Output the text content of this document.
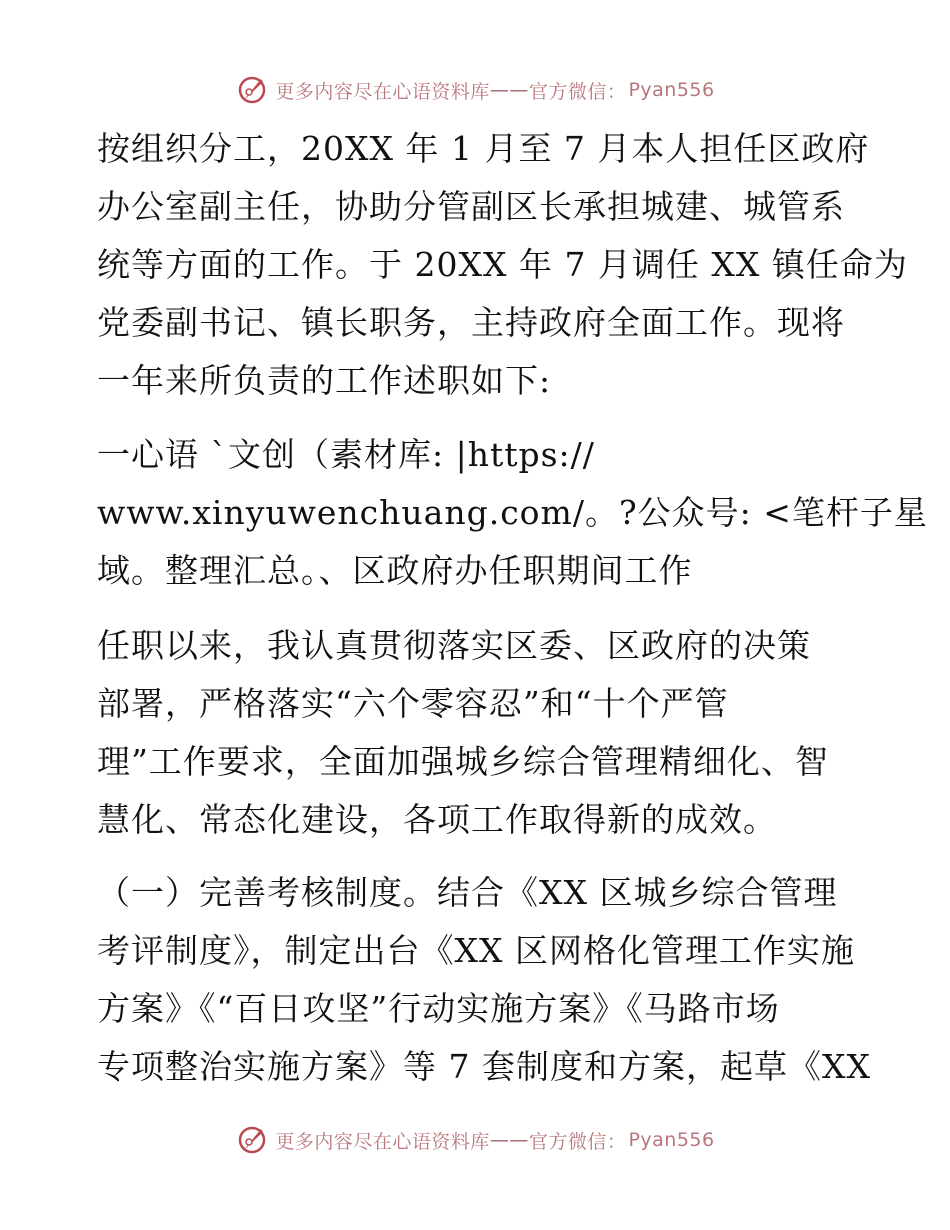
更多内容尽在心语资料库 —— 官方微信： Pyan556

按组织分工，20XX 年 1 月至 7 月本人担任区政府
办公室副主任，协助分管副区长承担城建、城管系
统等方面的工作。于 20XX 年 7 月调任 XX 镇任命为
党委副书记、镇长职务，主持政府全面工作。现将
一年来所负责的工作述职如下:

一心语 `文创（素材库: |https://
www.xinyuwenchuang.com/。?公众号: <笔杆子星
域。整理汇总。、区政府办任职期间工作

任职以来，我认真贯彻落实区委、区政府的决策
部署，严格落实“六个零容忍”和“十个严管
理”工作要求，全面加强城乡综合管理精细化、智
慧化、常态化建设，各项工作取得新的成效。

（一）完善考核制度。结合《XX 区城乡综合管理
考评制度》，制定出台《XX 区网格化管理工作实施
方案》《“百日攻坚”行动实施方案》《马路市场
专项整治实施方案》等 7 套制度和方案，起草《XX

更多内容尽在心语资料库 —— 官方微信： Pyan556
